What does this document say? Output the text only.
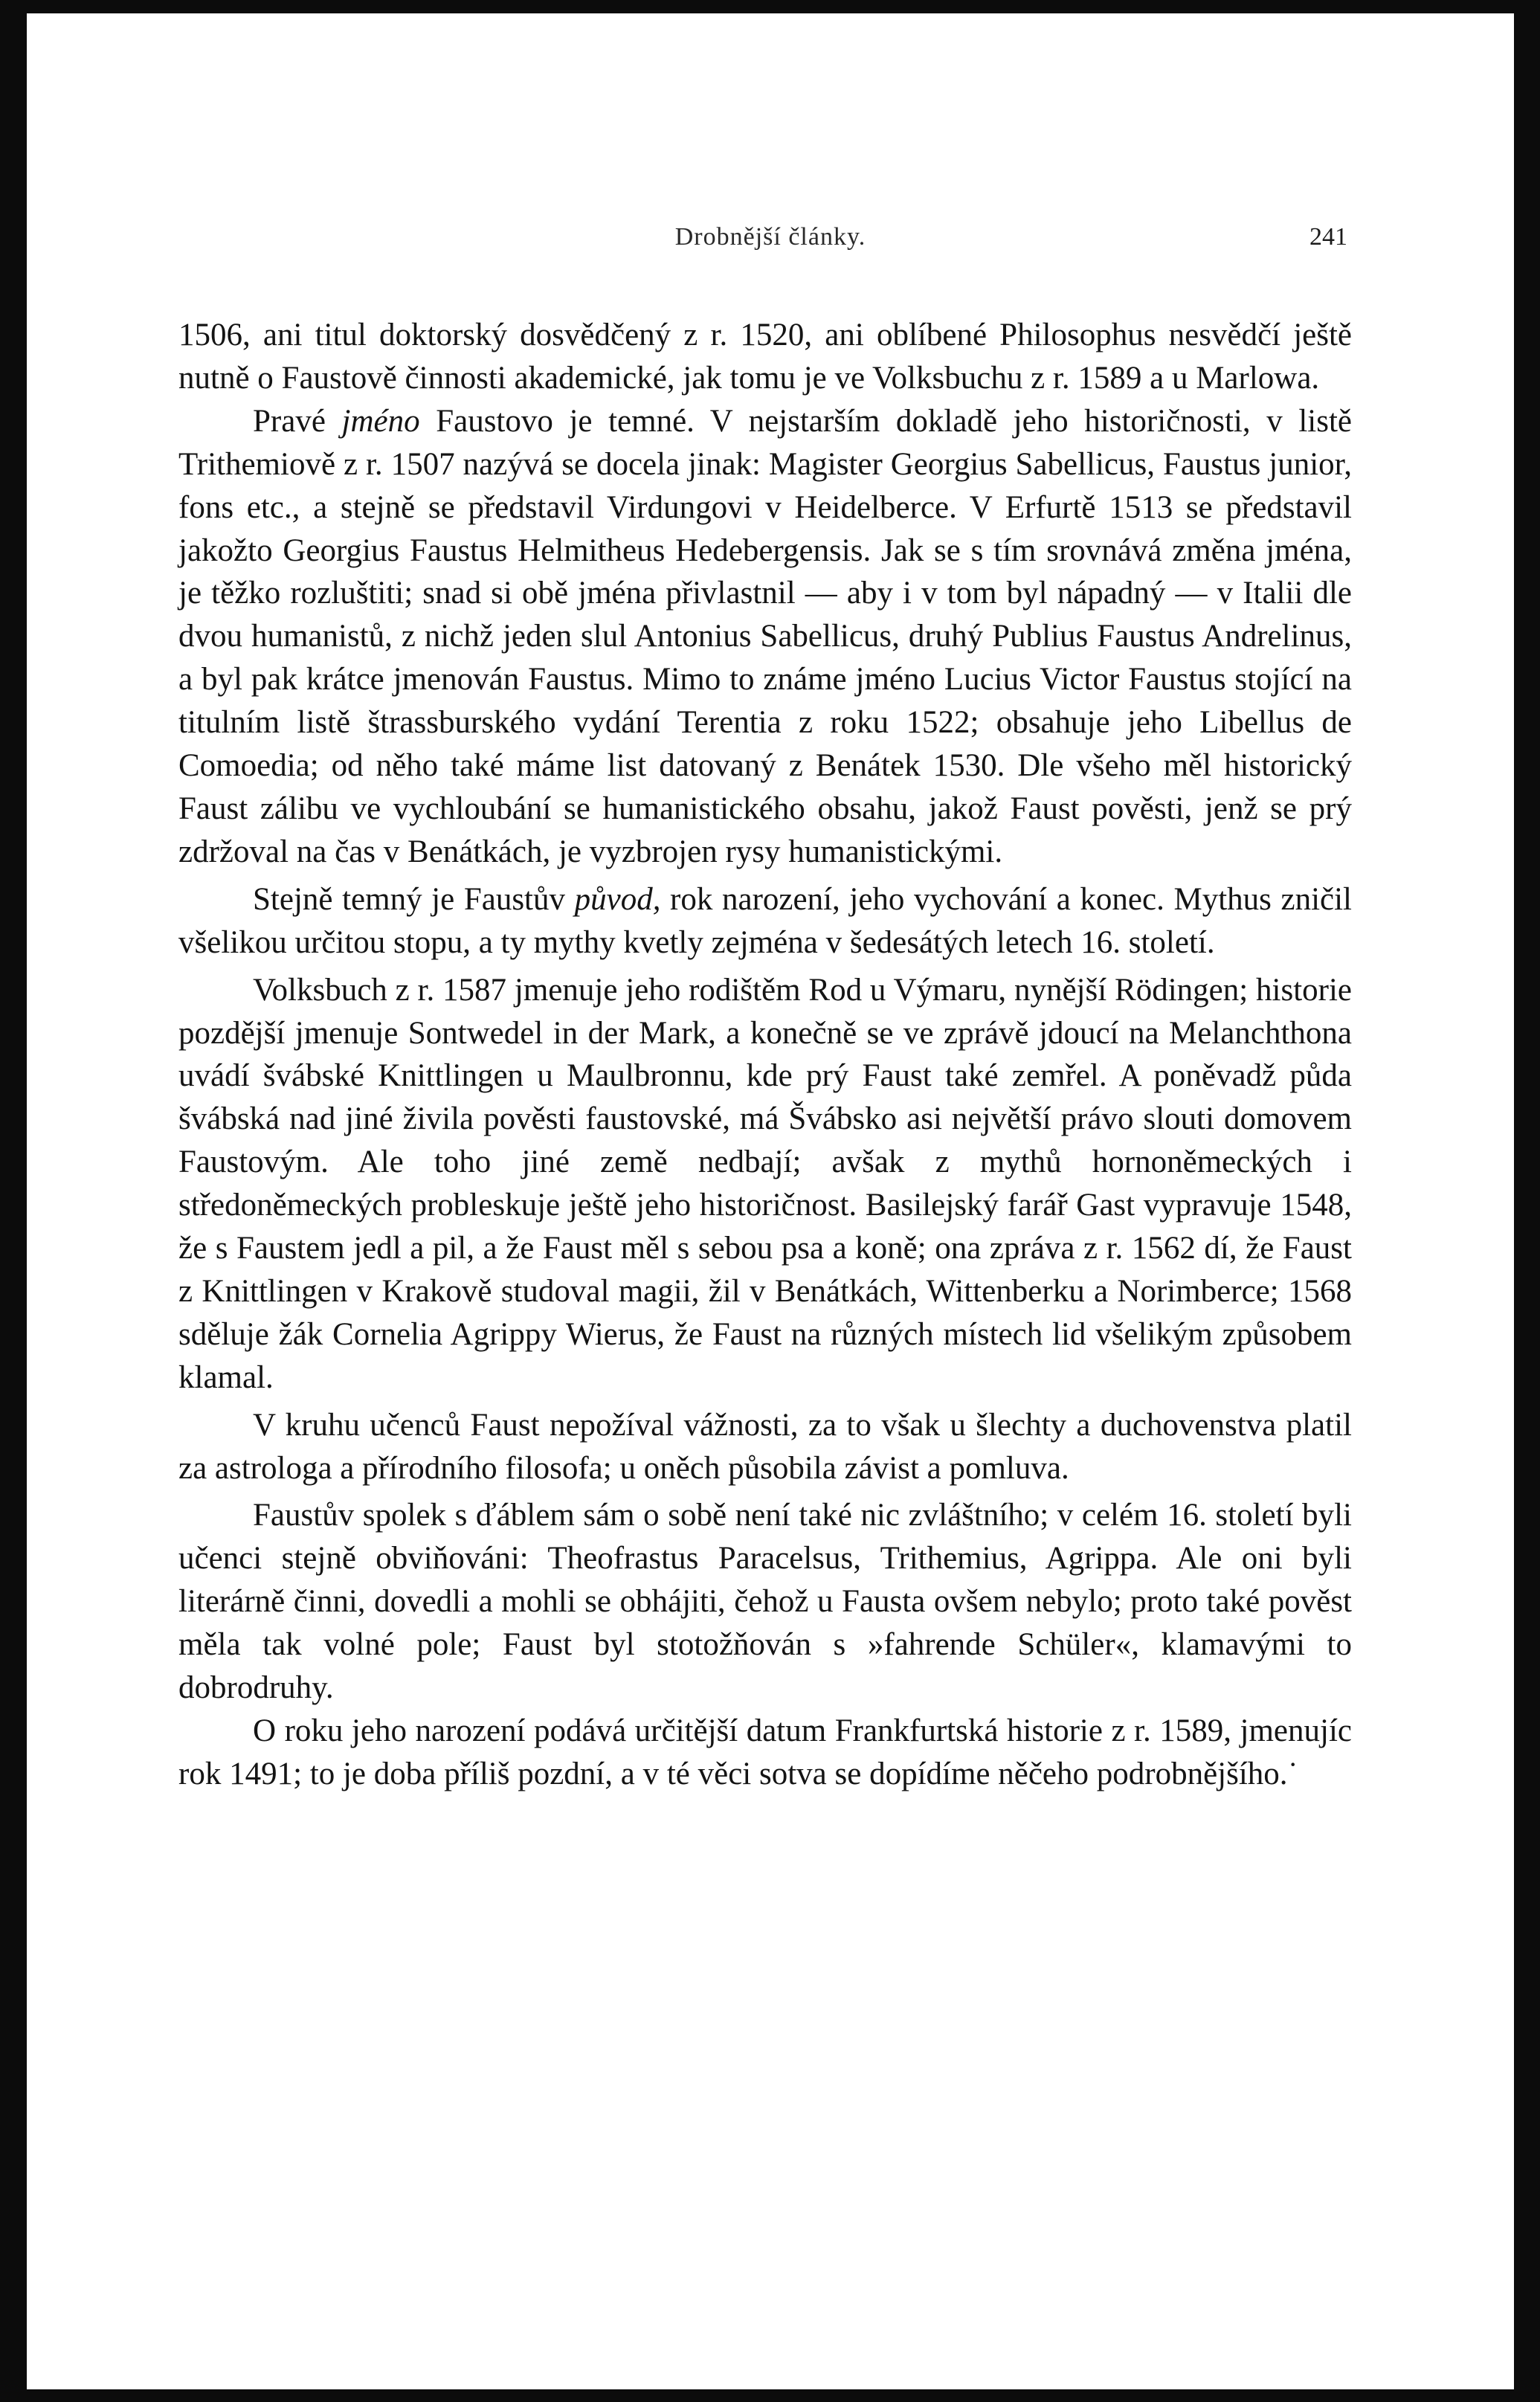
Drobnější články.	241

1506, ani titul doktorský dosvědčený z r. 1520, ani oblíbené Philosophus nesvědčí ještě nutně o Faustově činnosti akademické, jak tomu je ve Volksbuchu z r. 1589 a u Marlowa.

Pravé jméno Faustovo je temné. V nejstarším dokladě jeho historičnosti, v listě Trithemiově z r. 1507 nazývá se docela jinak: Magister Georgius Sabellicus, Faustus junior, fons etc., a stejně se představil Virdungovi v Heidelberce. V Erfurtě 1513 se představil jakožto Georgius Faustus Helmitheus Hedebergensis. Jak se s tím srovnává změna jména, je těžko rozluštiti; snad si obě jména přivlastnil — aby i v tom byl nápadný — v Italii dle dvou humanistů, z nichž jeden slul Antonius Sabellicus, druhý Publius Faustus Andrelinus, a byl pak krátce jmenován Faustus. Mimo to známe jméno Lucius Victor Faustus stojící na titulním listě štrassburského vydání Terentia z roku 1522; obsahuje jeho Libellus de Comoedia; od něho také máme list datovaný z Benátek 1530. Dle všeho měl historický Faust zálibu ve vychloubání se humanistického obsahu, jakož Faust pověsti, jenž se prý zdržoval na čas v Benátkách, je vyzbrojen rysy humanistickými.

Stejně temný je Faustův původ, rok narození, jeho vychování a konec. Mythus zničil všelikou určitou stopu, a ty mythy kvetly zejména v šedesátých letech 16. století.

Volksbuch z r. 1587 jmenuje jeho rodištěm Rod u Výmaru, nynější Rödingen; historie pozdější jmenuje Sontwedel in der Mark, a konečně se ve zprávě jdoucí na Melanchthona uvádí švábské Knittlingen u Maulbronnu, kde prý Faust také zemřel. A poněvadž půda švábská nad jiné živila pověsti faustovské, má Švábsko asi největší právo slouti domovem Faustovým. Ale toho jiné země nedbají; avšak z mythů hornoněmeckých i středoněmeckých probleskuje ještě jeho historičnost. Basilejský farář Gast vypravuje 1548, že s Faustem jedl a pil, a že Faust měl s sebou psa a koně; ona zpráva z r. 1562 dí, že Faust z Knittlingen v Krakově studoval magii, žil v Benátkách, Wittenberku a Norimberce; 1568 sděluje žák Cornelia Agrippy Wierus, že Faust na různých místech lid všelikým způsobem klamal.

V kruhu učenců Faust nepožíval vážnosti, za to však u šlechty a duchovenstva platil za astrologa a přírodního filosofa; u oněch působila závist a pomluva.

Faustův spolek s ďáblem sám o sobě není také nic zvláštního; v celém 16. století byli učenci stejně obviňováni: Theofrastus Paracelsus, Trithemius, Agrippa. Ale oni byli literárně činni, dovedli a mohli se obhájiti, čehož u Fausta ovšem nebylo; proto také pověst měla tak volné pole; Faust byl stotožňován s »fahrende Schüler«, klamavými to dobrodruhy.

O roku jeho narození podává určitější datum Frankfurtská historie z r. 1589, jmenujíc rok 1491; to je doba příliš pozdní, a v té věci sotva se dopídíme něčeho podrobnějšího.˙
